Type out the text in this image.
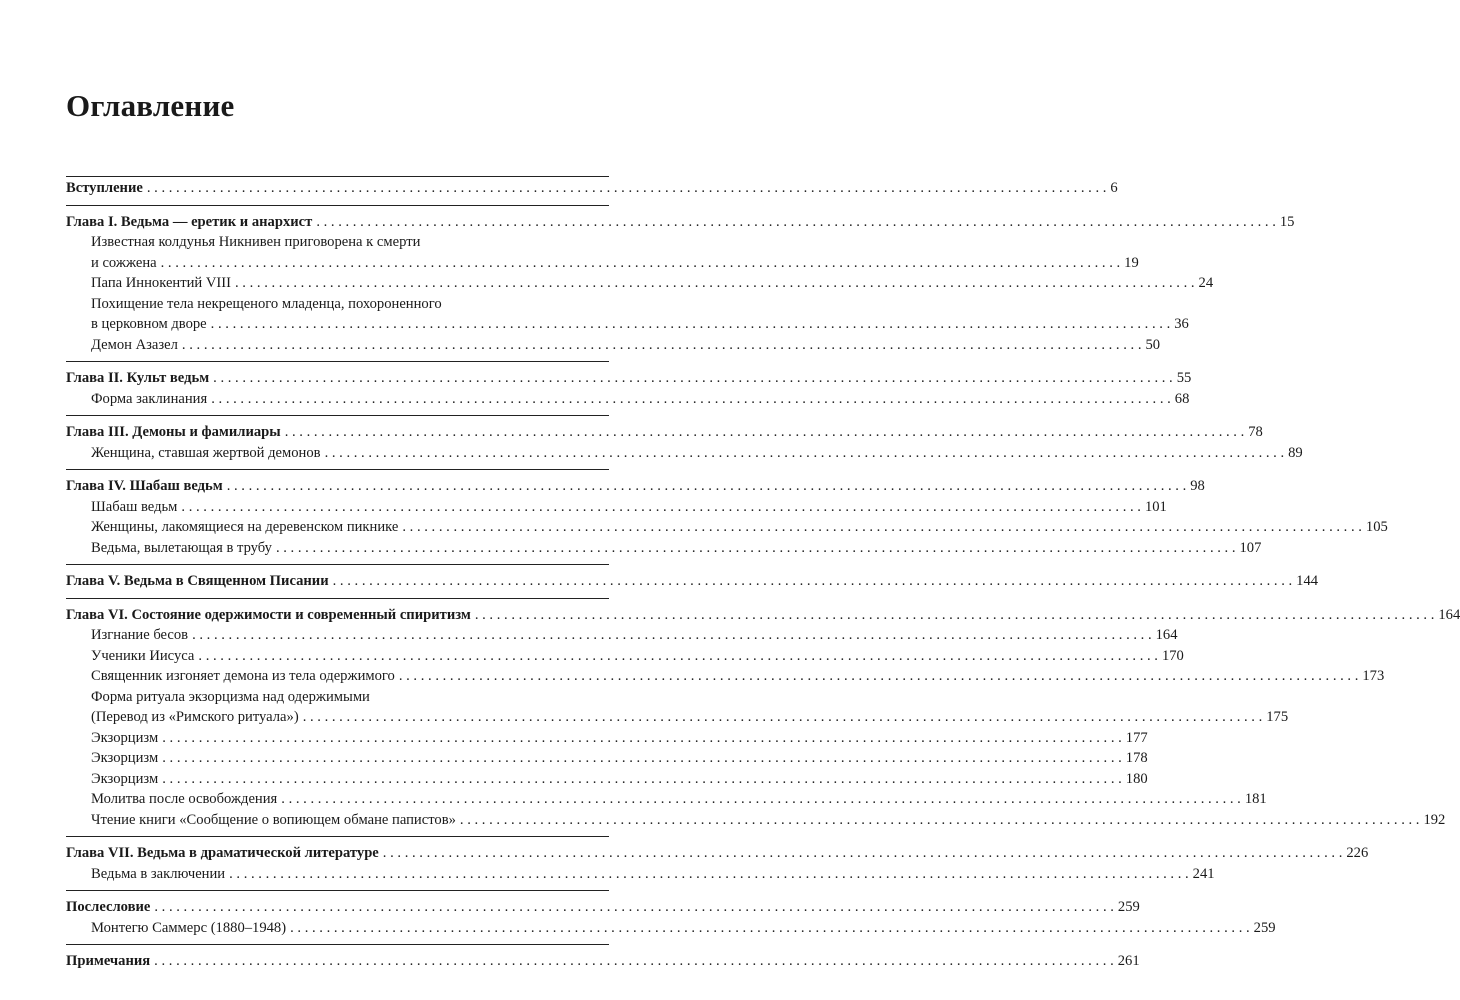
Оглавление
Вступление . . .	6
Глава I. Ведьма — еретик и анархист . . .	15
Известная колдунья Никнивен приговорена к смерти
и сожжена . . .	19
Папа Иннокентий VIII . . .	24
Похищение тела некрещеного младенца, похороненного
в церковном дворе . . .	36
Демон Азазел . . .	50
Глава II. Культ ведьм . . .	55
Форма заклинания . . .	68
Глава III. Демоны и фамилиары . . .	78
Женщина, ставшая жертвой демонов . . .	89
Глава IV. Шабаш ведьм . . .	98
Шабаш ведьм . . .	101
Женщины, лакомящиеся на деревенском пикнике . . .	105
Ведьма, вылетающая в трубу . . .	107
Глава V. Ведьма в Священном Писании . . .	144
Глава VI. Состояние одержимости и современный спиритизм . . .	164
Изгнание бесов . . .	164
Ученики Иисуса . . .	170
Священник изгоняет демона из тела одержимого . . .	173
Форма ритуала экзорцизма над одержимыми
(Перевод из «Римского ритуала») . . .	175
Экзорцизм . . .	177
Экзорцизм . . .	178
Экзорцизм . . .	180
Молитва после освобождения . . .	181
Чтение книги «Сообщение о вопиющем обмане папистов» . . .	192
Глава VII. Ведьма в драматической литературе . . .	226
Ведьма в заключении . . .	241
Послесловие . . .	259
Монтегю Саммерс (1880–1948) . . .	259
Примечания . . .	261
